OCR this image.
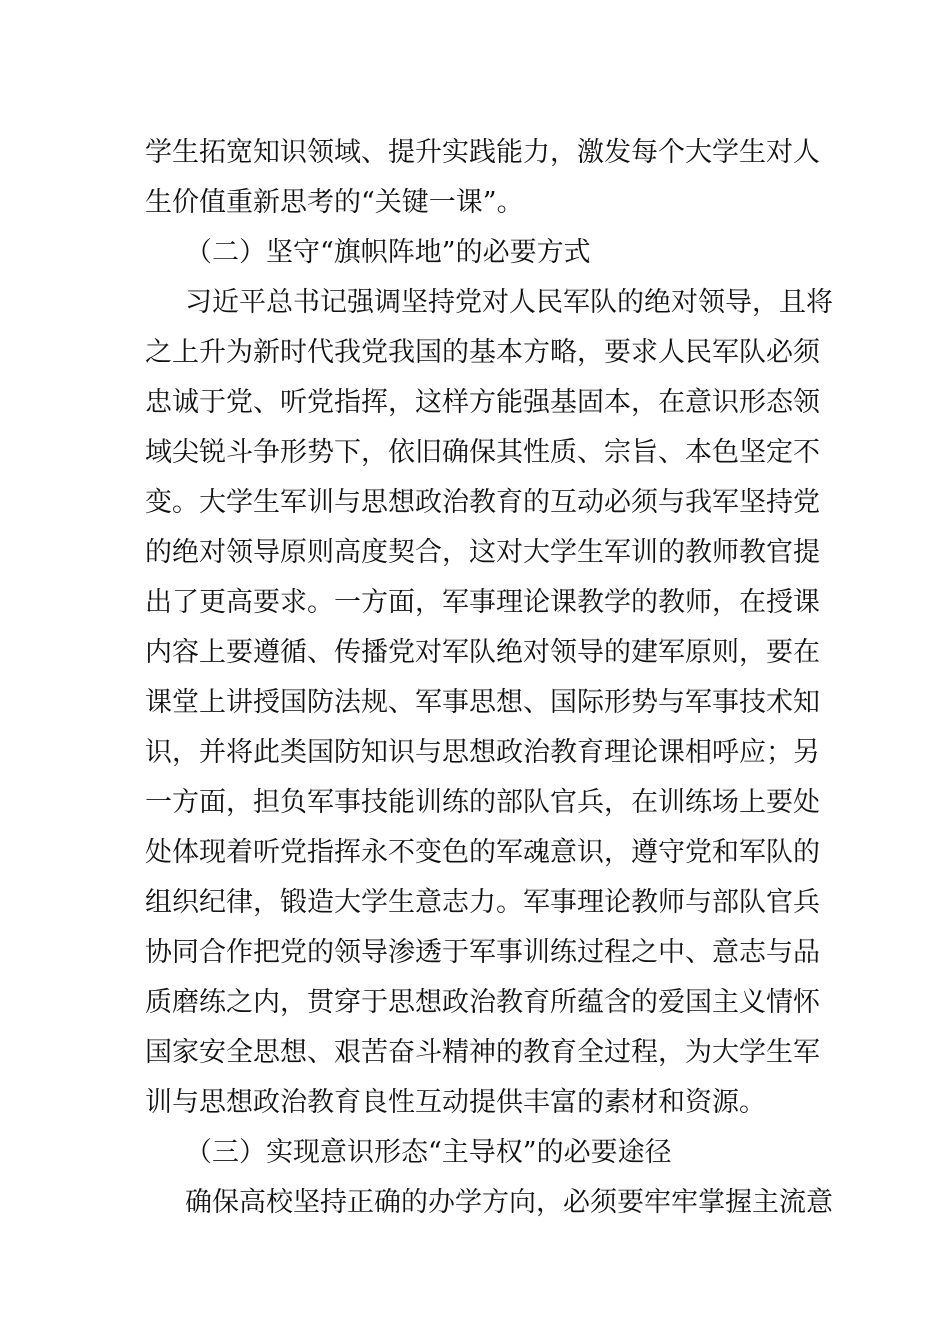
学生拓宽知识领域、提升实践能力，激发每个大学生对人
生价值重新思考的“关键一课”。
（二）坚守“旗帜阵地”的必要方式
习近平总书记强调坚持党对人民军队的绝对领导，且将
之上升为新时代我党我国的基本方略，要求人民军队必须
忠诚于党、听党指挥，这样方能强基固本，在意识形态领
域尖锐斗争形势下，依旧确保其性质、宗旨、本色坚定不
变。大学生军训与思想政治教育的互动必须与我军坚持党
的绝对领导原则高度契合，这对大学生军训的教师教官提
出了更高要求。一方面，军事理论课教学的教师，在授课
内容上要遵循、传播党对军队绝对领导的建军原则，要在
课堂上讲授国防法规、军事思想、国际形势与军事技术知
识，并将此类国防知识与思想政治教育理论课相呼应；另
一方面，担负军事技能训练的部队官兵，在训练场上要处
处体现着听党指挥永不变色的军魂意识，遵守党和军队的
组织纪律，锻造大学生意志力。军事理论教师与部队官兵
协同合作把党的领导渗透于军事训练过程之中、意志与品
质磨练之内，贯穿于思想政治教育所蕴含的爱国主义情怀
国家安全思想、艰苦奋斗精神的教育全过程，为大学生军
训与思想政治教育良性互动提供丰富的素材和资源。
（三）实现意识形态“主导权”的必要途径
确保高校坚持正确的办学方向，必须要牢牢掌握主流意
